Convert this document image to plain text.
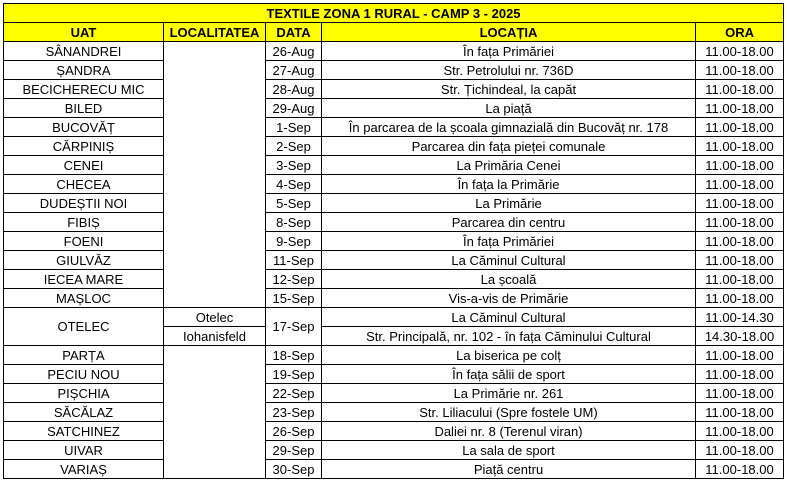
TEXTILE ZONA 1 RURAL - CAMP 3 - 2025				
UAT	LOCALITATEA	DATA	LOCAȚIA	ORA
SÂNANDREI		26-Aug	În fața Primăriei	11.00-18.00
ȘANDRA		27-Aug	Str. Petrolului nr. 736D	11.00-18.00
BECICHERECU MIC		28-Aug	Str. Țichindeal, la capăt	11.00-18.00
BILED		29-Aug	La piață	11.00-18.00
BUCOVĂȚ		1-Sep	În parcarea de la școala gimnazială din Bucovăț nr. 178	11.00-18.00
CĂRPINIȘ		2-Sep	Parcarea din fața pieței comunale	11.00-18.00
CENEI		3-Sep	La Primăria Cenei	11.00-18.00
CHECEA		4-Sep	În fața la Primărie	11.00-18.00
DUDEȘTII NOI		5-Sep	La Primărie	11.00-18.00
FIBIȘ		8-Sep	Parcarea din centru	11.00-18.00
FOENI		9-Sep	În fața Primăriei	11.00-18.00
GIULVĂZ		11-Sep	La Căminul Cultural	11.00-18.00
IECEA MARE		12-Sep	La școală	11.00-18.00
MAȘLOC		15-Sep	Vis-a-vis de Primărie	11.00-18.00
OTELEC	Otelec	17-Sep	La Căminul Cultural	11.00-14.30
	Iohanisfeld		Str. Principală, nr. 102 - în fața Căminului Cultural	14.30-18.00
PARȚA		18-Sep	La biserica pe colț	11.00-18.00
PECIU NOU		19-Sep	În fața sălii de sport	11.00-18.00
PIȘCHIA		22-Sep	La Primărie nr. 261	11.00-18.00
SĂCĂLAZ		23-Sep	Str. Liliacului (Spre fostele UM)	11.00-18.00
SATCHINEZ		26-Sep	Daliei nr. 8 (Terenul viran)	11.00-18.00
UIVAR		29-Sep	La sala de sport	11.00-18.00
VARIAȘ		30-Sep	Piață centru	11.00-18.00
